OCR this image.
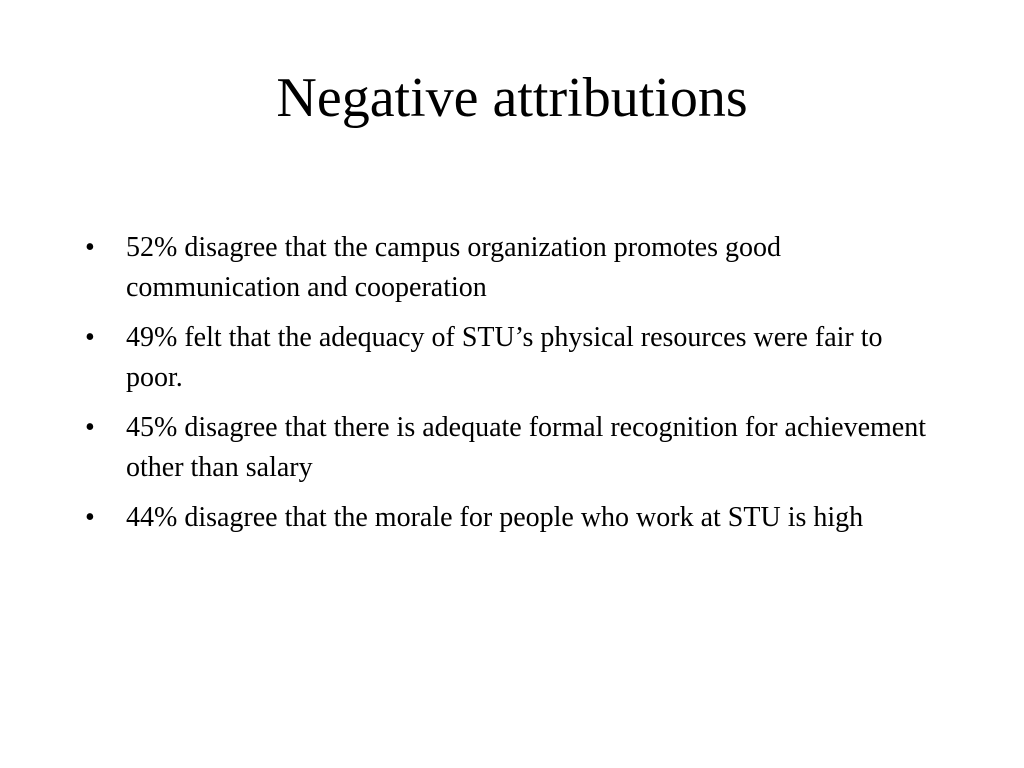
Negative attributions
•	52% disagree that the campus organization promotes good communication and cooperation
•	49% felt that the adequacy of STU’s physical resources were fair to poor.
•	45% disagree that there is adequate formal recognition for achievement other than salary
•	44% disagree that the morale for people who work at STU is high
